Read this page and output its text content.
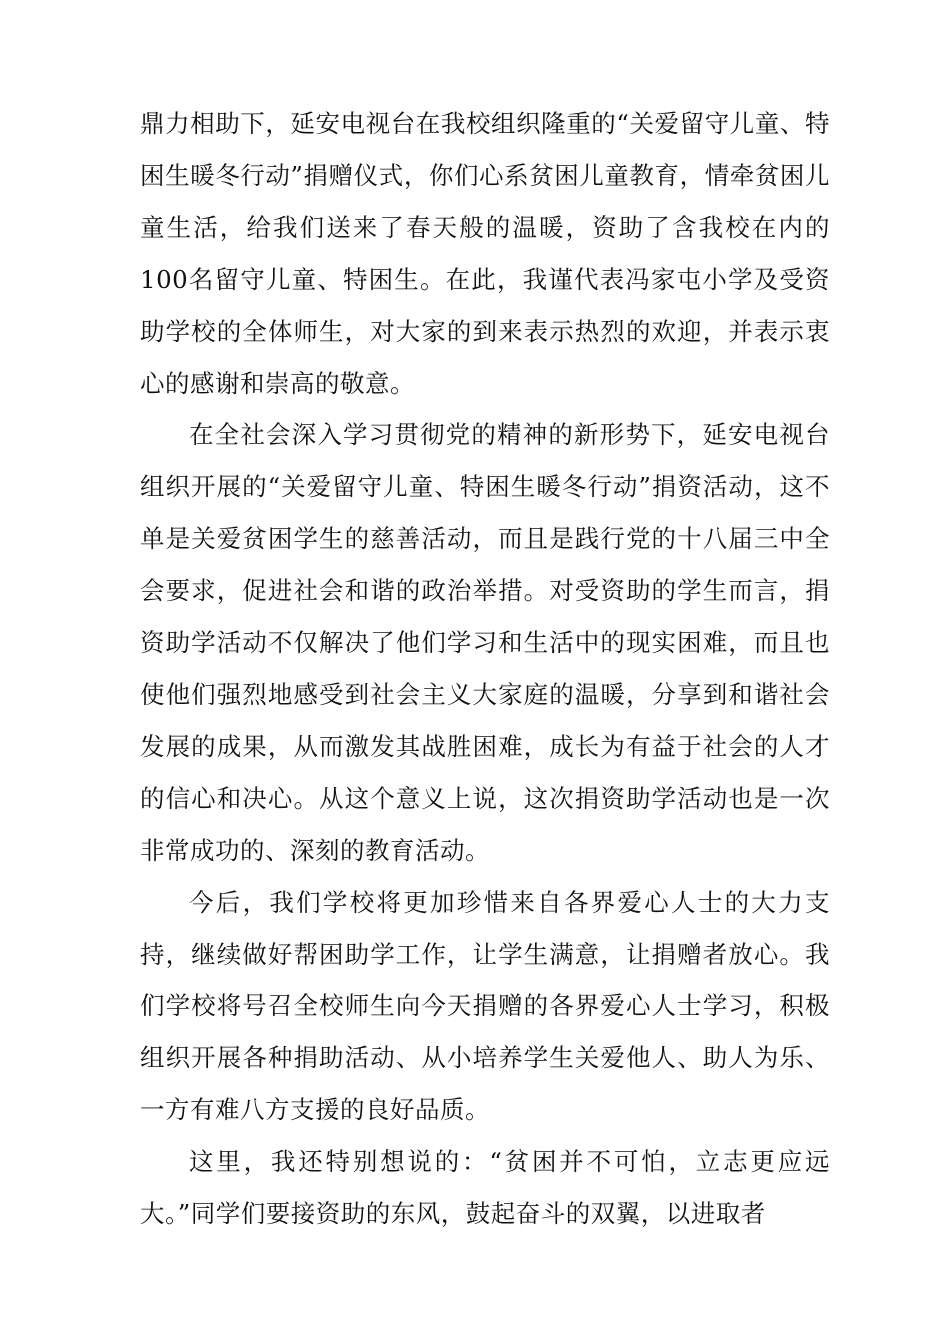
鼎力相助下，延安电视台在我校组织隆重的“关爱留守儿童、特困生暖冬行动”捐赠仪式，你们心系贫困儿童教育，情牵贫困儿童生活，给我们送来了春天般的温暖，资助了含我校在内的100名留守儿童、特困生。在此，我谨代表冯家屯小学及受资助学校的全体师生，对大家的到来表示热烈的欢迎，并表示衷心的感谢和崇高的敬意。

在全社会深入学习贯彻党的精神的新形势下，延安电视台组织开展的“关爱留守儿童、特困生暖冬行动”捐资活动，这不单是关爱贫困学生的慈善活动，而且是践行党的十八届三中全会要求，促进社会和谐的政治举措。对受资助的学生而言，捐资助学活动不仅解决了他们学习和生活中的现实困难，而且也使他们强烈地感受到社会主义大家庭的温暖，分享到和谐社会发展的成果，从而激发其战胜困难，成长为有益于社会的人才的信心和决心。从这个意义上说，这次捐资助学活动也是一次非常成功的、深刻的教育活动。

今后，我们学校将更加珍惜来自各界爱心人士的大力支持，继续做好帮困助学工作，让学生满意，让捐赠者放心。我们学校将号召全校师生向今天捐赠的各界爱心人士学习，积极组织开展各种捐助活动、从小培养学生关爱他人、助人为乐、一方有难八方支援的良好品质。

这里，我还特别想说的：“贫困并不可怕，立志更应远大。”同学们要接资助的东风，鼓起奋斗的双翼，以进取者
